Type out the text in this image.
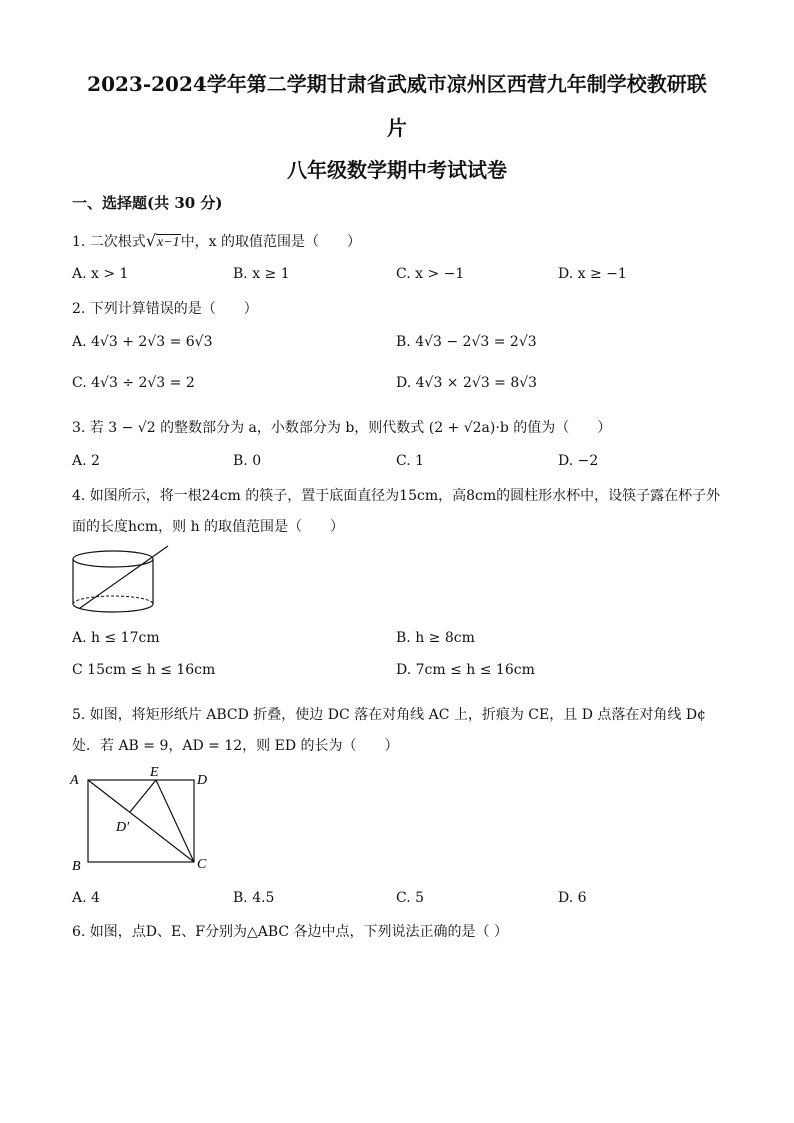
2023-2024学年第二学期甘肃省武威市凉州区西营九年制学校教研联
片
八年级数学期中考试试卷
一、选择题(共 30 分)
1. 二次根式√x−1中，x 的取值范围是（　　）
A. x > 1	B. x ≥ 1	C. x > −1	D. x ≥ −1
2. 下列计算错误的是（　　）
A. 4√3 + 2√3 = 6√3	B. 4√3 − 2√3 = 2√3
C. 4√3 ÷ 2√3 = 2	D. 4√3 × 2√3 = 8√3
3. 若 3 − √2 的整数部分为 a，小数部分为 b，则代数式 (2 + √2a)·b 的值为（　　）
A. 2	B. 0	C. 1	D. −2
4. 如图所示，将一根24cm 的筷子，置于底面直径为15cm，高8cm的圆柱形水杯中，设筷子露在杯子外
面的长度hcm，则 h 的取值范围是（　　）
A. h ≤ 17cm	B. h ≥ 8cm
C 15cm ≤ h ≤ 16cm	D. 7cm ≤ h ≤ 16cm
5. 如图，将矩形纸片 ABCD 折叠，使边 DC 落在对角线 AC 上，折痕为 CE，且 D 点落在对角线 D¢
处．若 AB = 9，AD = 12，则 ED 的长为（　　）
A
B	C
D
E
D′
A. 4	B. 4.5	C. 5	D. 6
6. 如图，点D、E、F分别为△ABC 各边中点，下列说法正确的是（ ）
